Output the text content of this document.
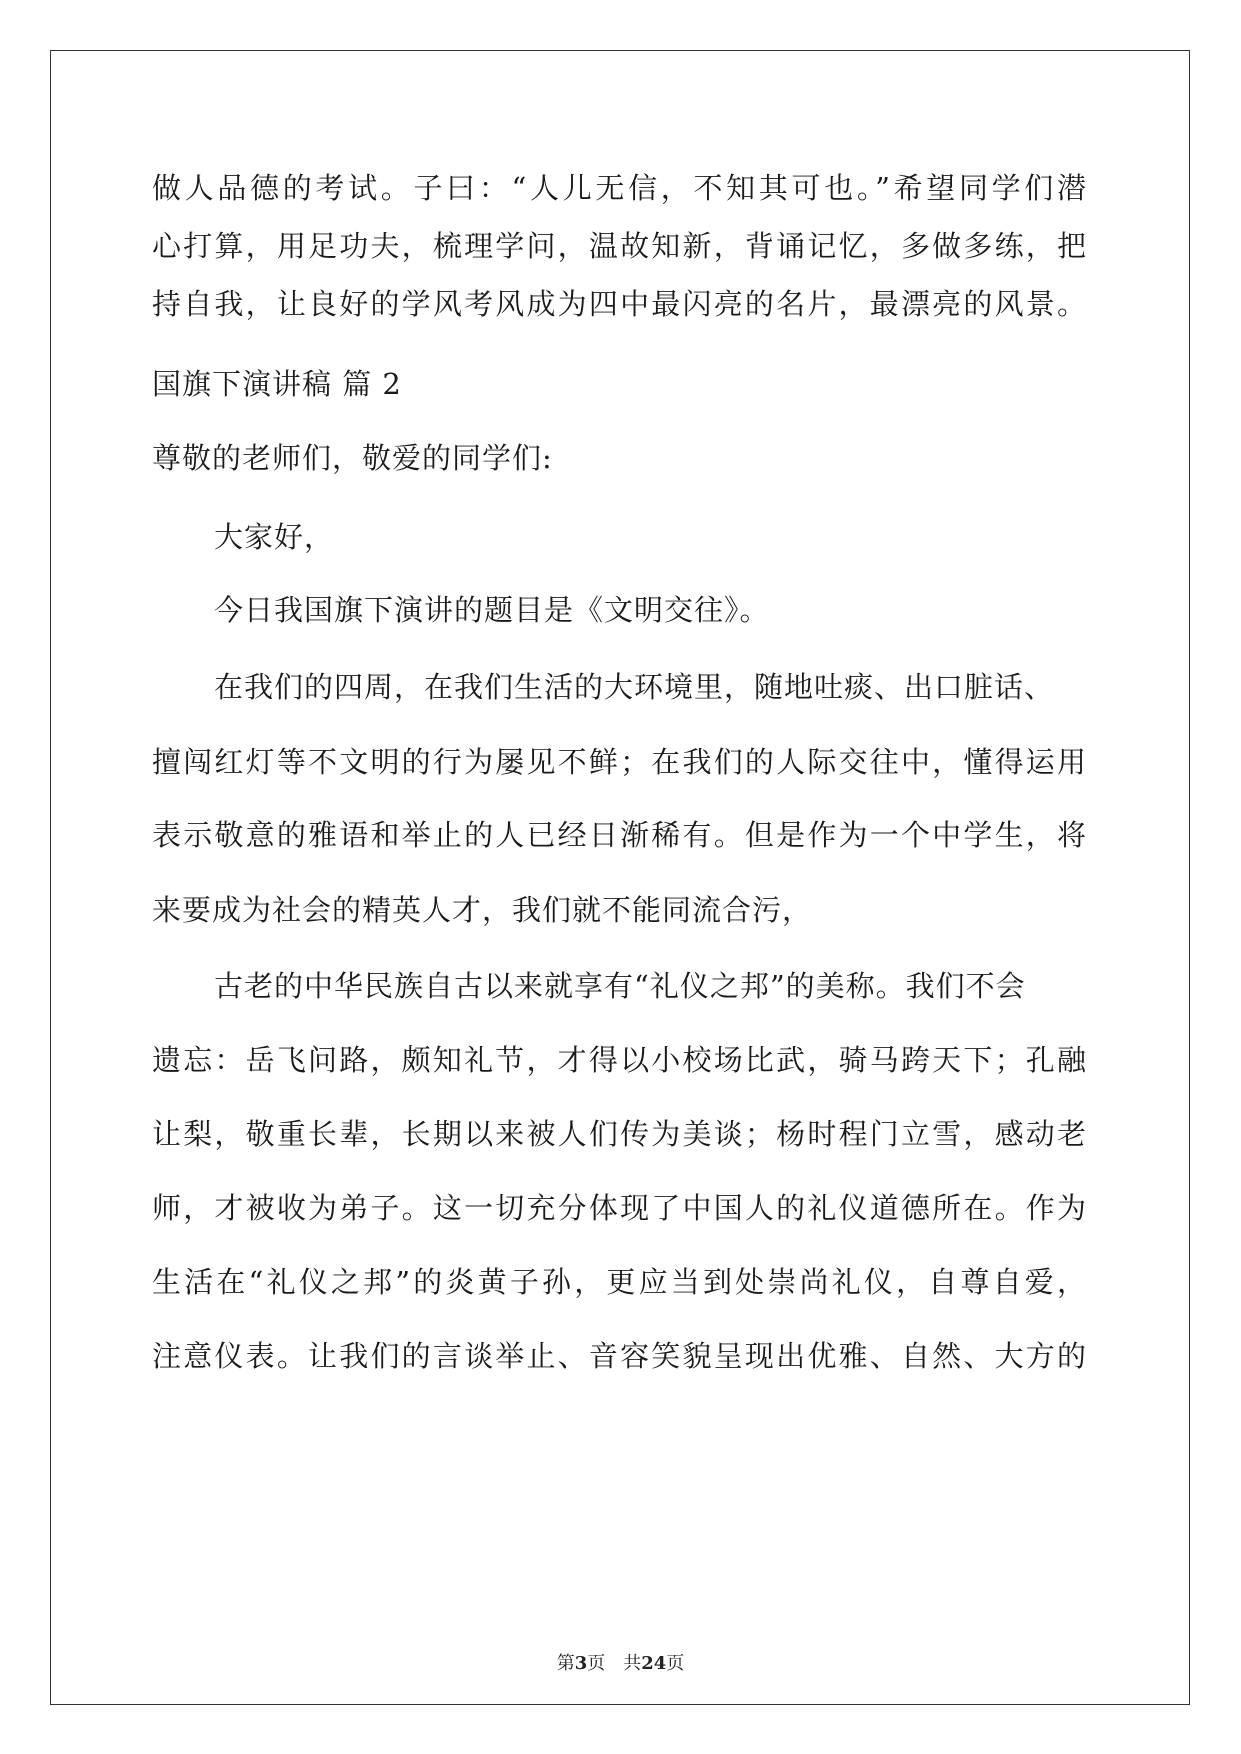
做人品德的考试。子曰：“人儿无信，不知其可也。”希望同学们潜
心打算，用足功夫，梳理学问，温故知新，背诵记忆，多做多练，把
持自我，让良好的学风考风成为四中最闪亮的名片，最漂亮的风景。
国旗下演讲稿 篇 2
尊敬的老师们，敬爱的同学们:
大家好，
今日我国旗下演讲的题目是《文明交往》。
在我们的四周，在我们生活的大环境里，随地吐痰、出口脏话、
擅闯红灯等不文明的行为屡见不鲜；在我们的人际交往中，懂得运用
表示敬意的雅语和举止的人已经日渐稀有。但是作为一个中学生，将
来要成为社会的精英人才，我们就不能同流合污，
古老的中华民族自古以来就享有“礼仪之邦”的美称。我们不会
遗忘：岳飞问路，颇知礼节，才得以小校场比武，骑马跨天下；孔融
让梨，敬重长辈，长期以来被人们传为美谈；杨时程门立雪，感动老
师，才被收为弟子。这一切充分体现了中国人的礼仪道德所在。作为
生活在“礼仪之邦”的炎黄子孙，更应当到处崇尚礼仪，自尊自爱，
注意仪表。让我们的言谈举止、音容笑貌呈现出优雅、自然、大方的
第3页　共24页
